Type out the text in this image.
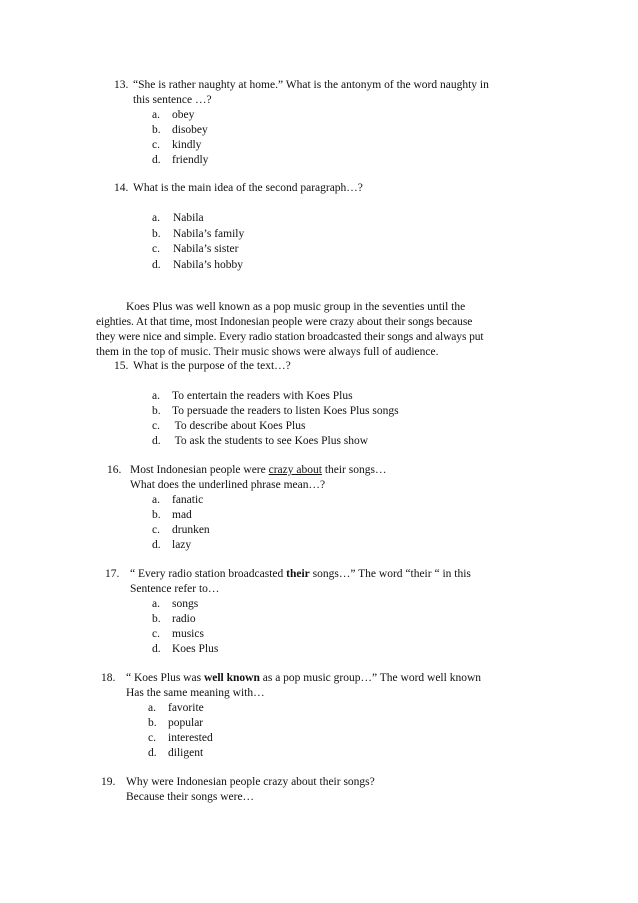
13. “She is rather naughty at home.” What is the antonym of the word naughty in
this sentence …?
a. obey
b. disobey
c. kindly
d. friendly
14. What is the main idea of the second paragraph…?
a. Nabila
b. Nabila’s family
c. Nabila’s sister
d. Nabila’s hobby
Koes Plus was well known as a pop music group in the seventies until the
eighties. At that time, most Indonesian people were crazy about their songs because
they were nice and simple. Every radio station broadcasted their songs and always put
them in the top of music. Their music shows were always full of audience.
15. What is the purpose of the text…?
a. To entertain the readers with Koes Plus
b. To persuade the readers to listen Koes Plus songs
c. To describe about Koes Plus
d. To ask the students to see Koes Plus show
16. Most Indonesian people were crazy about their songs…
What does the underlined phrase mean…?
a. fanatic
b. mad
c. drunken
d. lazy
17. “ Every radio station broadcasted their songs…” The word “their “ in this
Sentence refer to…
a. songs
b. radio
c. musics
d. Koes Plus
18. “ Koes Plus was well known as a pop music group…” The word well known
Has the same meaning with…
a. favorite
b. popular
c. interested
d. diligent
19. Why were Indonesian people crazy about their songs?
Because their songs were…
